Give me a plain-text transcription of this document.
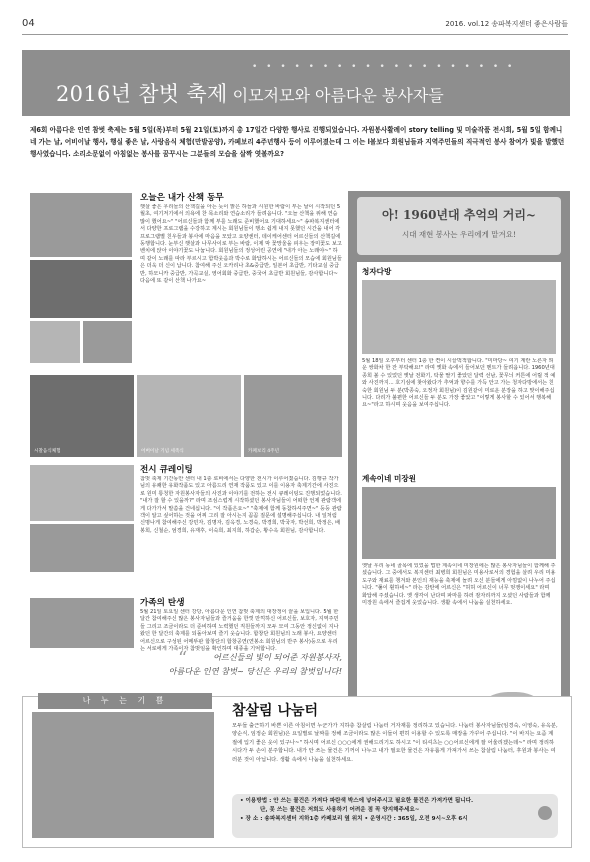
04	2016. vol.12 송파복지센터 좋은사람들
• • • • • • • • • • • • • • • • • • •
2016년 참벗 축제 이모저모와 아름다운 봉사자들
제6회 아름다운 인연 참벗 축제는 5월 5일(목)부터 5월 21일(토)까지 총 17일간 다양한 행사로 진행되었습니다. 자원봉사활례이 story telling 및 미술작품 전시회, 5월 5일 함께니네 가는 날, 어비이날 행사, 행실 좋은 날, 사랑음식 체험(만발공양), 카페보리 4주년행사 등이 이루어졌는데 그 이는 l볼보다 회원님들과 지역주민들의 직극적인 봉사 참여가 빛을 발했던 행사였습니다. 소리소문없이 아침없는 봉사를 꿈꾸시는 그분들의 모습을 살짝 엿볼까요?
오늘은 내가 산책 동무
햇살 좋은 우리들의 산책길을 아는 듯이 맑은 하늘과 시원한 바람이 부는 날이 시작되던 5월초, 여기저기에서 의욕에 찬 목소리와 연습소리가 들려옵니다. "오늘 산책을 위해 연습 많이 했어요~" "어르신들과 함께 부를 노래도 준비했어요 기대하세요~" 송파복지센터에서 다양한 프로그램을 수강하고 계시는 회원님들이 행소 쉽게 내지 못했던 시간을 내어 각 프로그램별 친우들과 봉사에 마음을 모았고 요양센터, 데이케어센터 어르신들의 산책길에 동행합니다. 눈부신 햇살과 나무사이로 부는 바람, 이제 막 꽃망울을 피우는 장미꽃도 보고 벤치에 앉아 이야기꽃도 나눕니다. 회원님들의 정성어린 공연에 "내가 아는 노래야~" 하며 같이 노래를 따라 부르시고 함박웃음과 박수로 화답하시는 어르신들의 모습에 회원님들은 더욱 더 신이 납니다. 참여해 주신 오카리나 초&중급반, 일본어 초급반, 기타교실 중급반, 하모니카 중급반, 가곡교실, 영어회화 중급반, 중국어 초급반 회원님들, 감사합니다~ 다음에 또 같이 산책 나가요~
시찰음식체험	어버이날 기념 세족식	카페보리 4주년
전시 큐레이팅
참벗 축제 기간동안 센터 내 1층 로비에서는 다양한 전시가 이루어졌습니다. 김행규 작가님의 유쾌한 유화작품도 있고 아름드리 연재 작품도 있고 이를 이용자 축제기간에 사진으로 원미 통청한 자원봉사자들의 사진과 이야기를 전하는 전시 큐레이팅도 진행되었습니다. "내가 잘 할 수 있을까?" 라며 조심스럽게 시작하셨던 봉사자님들이 어떠한 언제 관람객에게 다가가서 말씀을 건네십니다. "이 작품은요~" "축제에 함께 동참하셔주면~" 등등 관람객이 알고 싶어하는 것을 어찌 그리 잘 아시는지 꼼꼼 질문에 설명해주십니다. 내 일처럼 신명나게 참여해주신 강민자, 김명자, 김옥경, 노경숙, 박경희, 박국자, 박선희, 박정은, 배봉희, 신철순, 엄경희, 유재후, 이숙희, 최지희, 하갑순, 황수옥 회원님, 감사합니다.
가족의 탄생
5월 21일 토요일 센터 강당, 아름다운 인연 참벗 축제의 대장정이 끝을 보입니다. 5월 한 달간 참여해주신 많은 봉사자님들과 즐거움을 한껏 만끽하신 어르신들, 보호자, 지역주민들 그리고 조금이라도 더 준비하며 노력했던 직원들까지 모두 모여 그동안 정신없이 지나왔던 한 달간의 축제를 되돌아보며 즐기 웃습니다. 합창단 회원님의 노래 봉사, 요양센터 어르신으로 구성된 어메뚜판 합창단의 합창공연(연봉소 회원님의 반주 봉사)등으로 우리는 서로에게 가족이자 참벗임을 확인하며 대종을 기억합니다.
“	어르신들의 빛이 되어준 자원봉사자,
아름다운 인연 참벗~ 당신은 우리의 참벗입니다!
아! 1960년대 추억의 거리~
시대 재현 봉사는 우리에게 맡겨요!
청자다방
5월 18일 오후부터 센터 1층 한 켠이 시끌벅적합니다. "미마당~ 여기 계란 노른자 띄운 쌍화차 한 잔 부탁해요!" 라며 옛화 속에서 들어보던 멘트가 들려옵니다. 1960년대 종희 볼 수 있었던 옛날 전화기, 탁물 딸기 좋았던 달력 선남, 꽃무늬 커튼에 어릴 적 예와 사진까지... 호기심에 찾아왔다가 추억과 향수를 가득 안고 가는 청자다방에서는 친숙한 회원님 두 분(박종숙, 오정자 회원님)이 김원같이 미로운 분장을 하고 맞이해주십니다. 다리가 불편한 어르신들 두 분도 가장 좋았고 "이렇게 봉사할 수 있어서 행복해요~"라고 하시며 웃음을 보여주십니다.
계속이네 미장원
옛날 우리 동네 골목에 있었을 법한 계속이네 미장원에는 많은 봉사자님들이 함께해 주셨습니다. 그 중에서도 복지센터 최병희 회원님은 미용사로서의 경험을 살려 우리 미용도구와 재료를 챙겨와 본인의 재능을 축제에 놀려 오신 분들에게 아낌없이 나누어 주십니다. "풀이 훤하네~" 라는 감탄에 어르신은 "허허 어르신이 너무 멋쟁이세요" 라며 화답해 주셨습니다. 옛 생각이 난다며 파마를 하러 잠자리까지 오셨던 사람들과 함께 미장원 속에서 즐겁게 웃었습니다. 생활 속에서 나눔을 실천하세요.
나 누 는 기 쁨
참살림 나눔터
모두들 출근하기 바쁜 이른 아침이면 누군가가 지하층 참살림 나눔터 거자재를 정리하고 있습니다. 나눔터 봉사자님들(임경숙, 이영숙, 유옥분, 양순식, 임정순 회원님)은 요일별로 날짜를 정해 조금이라도 많은 이들이 편히 이용할 수 있도록 매장을 가꾸어 주십니다. "이 바지는 요즘 계절에 입기 좋은 옷이 있구나~" 하시며 어르신 ○○○에게 권해드리기도 하시고 "이 티셔츠는 ○○어르신에게 잘 어울리겠는데~" 라며 정리하시다가 두 손이 분주합니다. 내가 안 쓰는 물건은 기꺼이 나누고 내가 필요한 물건은 자유롭게 가져가서 쓰는 참살림 나눔터, 후원과 봉사는 여러분 것이 아닙니다. 생활 속에서 나눔을 실천하세요.
• 이용방법 : 안 쓰는 물건은 가져다 파란색 박스에 넣어주시고 필요한 물건은 가져가면 됩니다.
단, 못 쓰는 물건은 저희도 사용하기 어려운 점 꼭 양지해주세요~
• 장 소 : 송파복지센터 지하1층 카페보리 옆 위치 • 운영시간 : 365일, 오전 9시~오후 6시
